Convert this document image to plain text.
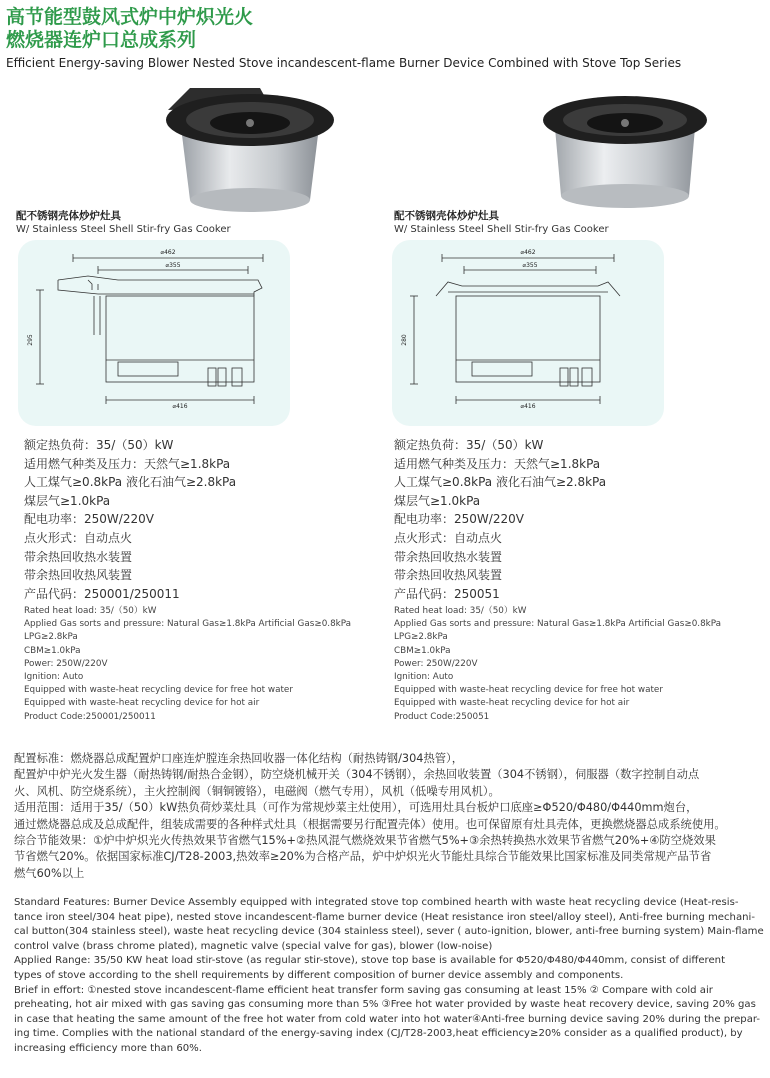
高节能型鼓风式炉中炉炽光火
燃烧器连炉口总成系列
Efficient Energy-saving Blower Nested Stove incandescent-flame Burner Device Combined with Stove Top Series
配不锈钢壳体炒炉灶具
W/ Stainless Steel Shell Stir-fry Gas Cooker
配不锈钢壳体炒炉灶具
W/ Stainless Steel Shell Stir-fry Gas Cooker
⌀462
⌀355
⌀416
295
⌀462
⌀355
⌀416
280
额定热负荷：35/（50）kW
适用燃气种类及压力：天然气≥1.8kPa
人工煤气≥0.8kPa 液化石油气≥2.8kPa
煤层气≥1.0kPa
配电功率：250W/220V
点火形式：自动点火
带余热回收热水装置
带余热回收热风装置
产品代码：250001/250011
额定热负荷：35/（50）kW
适用燃气种类及压力：天然气≥1.8kPa
人工煤气≥0.8kPa 液化石油气≥2.8kPa
煤层气≥1.0kPa
配电功率：250W/220V
点火形式：自动点火
带余热回收热水装置
带余热回收热风装置
产品代码：250051
Rated heat load: 35/（50）kW
Applied Gas sorts and pressure: Natural Gas≥1.8kPa Artificial Gas≥0.8kPa
LPG≥2.8kPa
CBM≥1.0kPa
Power: 250W/220V
Ignition: Auto
Equipped with waste-heat recycling device for free hot water
Equipped with waste-heat recycling device for hot air
Product Code:250001/250011
Rated heat load: 35/（50）kW
Applied Gas sorts and pressure: Natural Gas≥1.8kPa Artificial Gas≥0.8kPa
LPG≥2.8kPa
CBM≥1.0kPa
Power: 250W/220V
Ignition: Auto
Equipped with waste-heat recycling device for free hot water
Equipped with waste-heat recycling device for hot air
Product Code:250051
配置标准：燃烧器总成配置炉口座连炉膛连余热回收器一体化结构（耐热铸钢/304热管），
配置炉中炉光火发生器（耐热铸钢/耐热合金钢），防空烧机械开关（304不锈钢），余热回收装置（304不锈钢），伺服器（数字控制自动点
火、风机、防空烧系统），主火控制阀（铜铜镀铬），电磁阀（燃气专用），风机（低噪专用风机）。
适用范围：适用于35/（50）kW热负荷炒菜灶具（可作为常规炒菜主灶使用），可选用灶具台板炉口底座≥Φ520/Φ480/Φ440mm炮台，
通过燃烧器总成及总成配件，组装成需要的各种样式灶具（根据需要另行配置壳体）使用。也可保留原有灶具壳体，更换燃烧器总成系统使用。
综合节能效果：①炉中炉炽光火传热效果节省燃气15%+②热风混气燃烧效果节省燃气5%+③余热转换热水效果节省燃气20%+④防空烧效果
节省燃气20%。依据国家标准CJ/T28-2003,热效率≥20%为合格产品，炉中炉炽光火节能灶具综合节能效果比国家标准及同类常规产品节省
燃气60%以上
Standard Features: Burner Device Assembly equipped with integrated stove top combined hearth with waste heat recycling device (Heat-resis-
tance iron steel/304 heat pipe), nested stove incandescent-flame burner device (Heat resistance iron steel/alloy steel), Anti-free burning mechani-
cal button(304 stainless steel), waste heat recycling device (304 stainless steel), sever ( auto-ignition, blower, anti-free burning system) Main-flame
control valve (brass chrome plated), magnetic valve (special valve for gas), blower (low-noise)
Applied Range: 35/50 KW heat load stir-stove (as regular stir-stove), stove top base is available for Φ520/Φ480/Φ440mm, consist of different
types of stove according to the shell requirements by different composition of burner device assembly and components.
Brief in effort: ①nested stove incandescent-flame efficient heat transfer form saving gas consuming at least 15% ② Compare with cold air
preheating, hot air mixed with gas saving gas consuming more than 5% ③Free hot water provided by waste heat recovery device, saving 20% gas
in case that heating the same amount of the free hot water from cold water into hot water④Anti-free burning device saving 20% during the prepar-
ing time. Complies with the national standard of the energy-saving index (CJ/T28-2003,heat efficiency≥20% consider as a qualified product), by
increasing efficiency more than 60%.
